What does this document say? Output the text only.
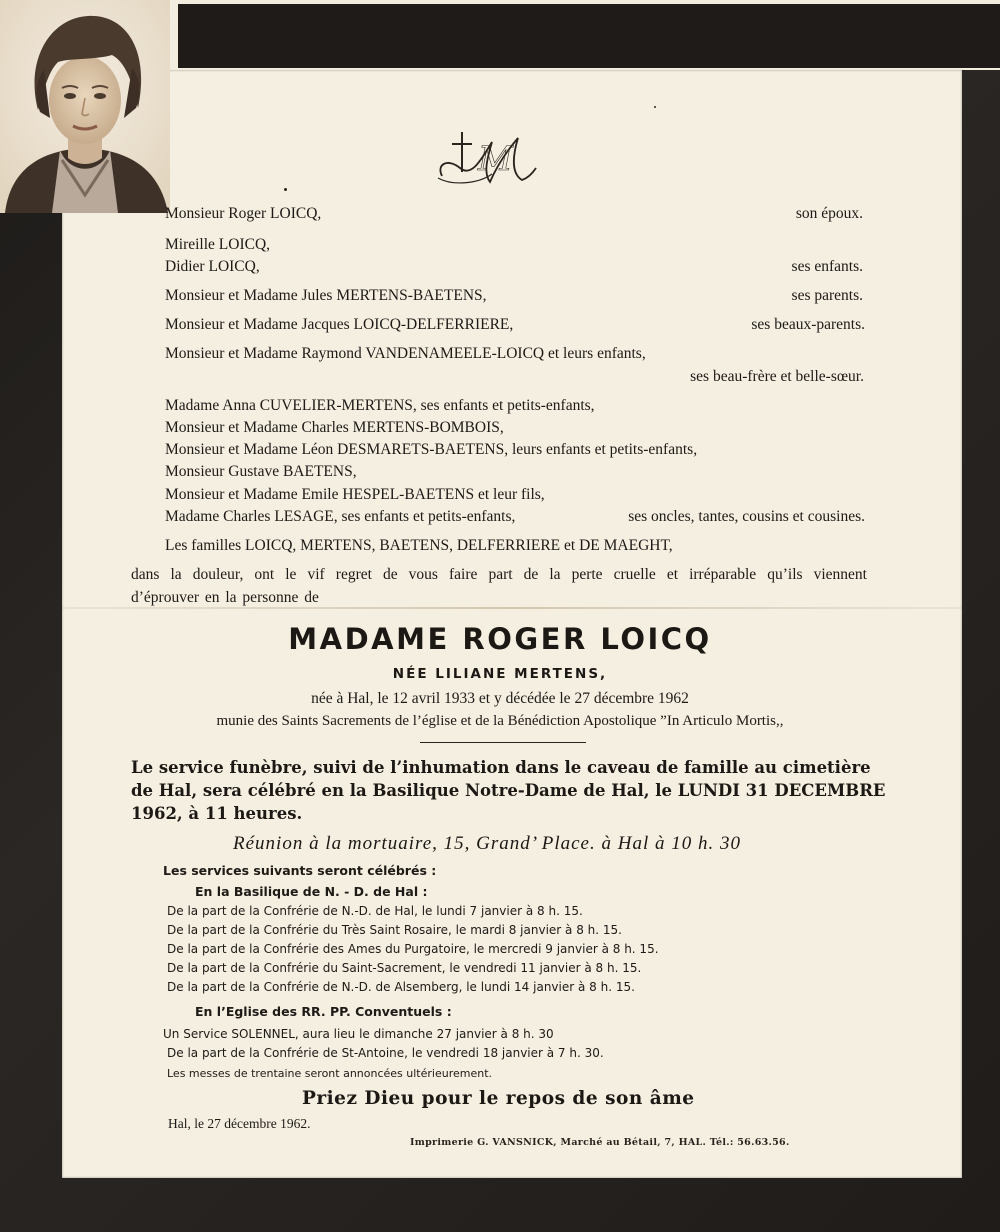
M
Monsieur Roger LOICQ,	son époux.
Mireille LOICQ,
Didier LOICQ,	ses enfants.
Monsieur et Madame Jules MERTENS-BAETENS,	ses parents.
Monsieur et Madame Jacques LOICQ-DELFERRIERE,	ses beaux-parents.
Monsieur et Madame Raymond VANDENAMEELE-LOICQ et leurs enfants,
ses beau-frère et belle-sœur.
Madame Anna CUVELIER-MERTENS, ses enfants et petits-enfants,
Monsieur et Madame Charles MERTENS-BOMBOIS,
Monsieur et Madame Léon DESMARETS-BAETENS, leurs enfants et petits-enfants,
Monsieur Gustave BAETENS,
Monsieur et Madame Emile HESPEL-BAETENS et leur fils,
Madame Charles LESAGE, ses enfants et petits-enfants,	ses oncles, tantes, cousins et cousines.
Les familles LOICQ, MERTENS, BAETENS, DELFERRIERE et DE MAEGHT,
dans la douleur, ont le vif regret de vous faire part de la perte cruelle et irréparable qu’ils viennent
d’éprouver en la personne de
MADAME ROGER LOICQ
NÉE LILIANE MERTENS,
née à Hal, le 12 avril 1933 et y décédée le 27 décembre 1962
munie des Saints Sacrements de l’église et de la Bénédiction Apostolique ”In Articulo Mortis,,
Le service funèbre, suivi de l’inhumation dans le caveau de famille au cimetière
de Hal, sera célébré en la Basilique Notre-Dame de Hal, le LUNDI 31 DECEMBRE
1962, à 11 heures.
Réunion à la mortuaire, 15, Grand’ Place. à Hal à 10 h. 30
Les services suivants seront célébrés :
En la Basilique de N. - D. de Hal :
De la part de la Confrérie de N.-D. de Hal, le lundi 7 janvier à 8 h. 15.
De la part de la Confrérie du Très Saint Rosaire, le mardi 8 janvier à 8 h. 15.
De la part de la Confrérie des Ames du Purgatoire, le mercredi 9 janvier à 8 h. 15.
De la part de la Confrérie du Saint-Sacrement, le vendredi 11 janvier à 8 h. 15.
De la part de la Confrérie de N.-D. de Alsemberg, le lundi 14 janvier à 8 h. 15.
En l’Eglise des RR. PP. Conventuels :
Un Service SOLENNEL, aura lieu le dimanche 27 janvier à 8 h. 30
De la part de la Confrérie de St-Antoine, le vendredi 18 janvier à 7 h. 30.
Les messes de trentaine seront annoncées ultérieurement.
Priez Dieu pour le repos de son âme
Hal, le 27 décembre 1962.
Imprimerie G. VANSNICK, Marché au Bétail, 7, HAL. Tél.: 56.63.56.
